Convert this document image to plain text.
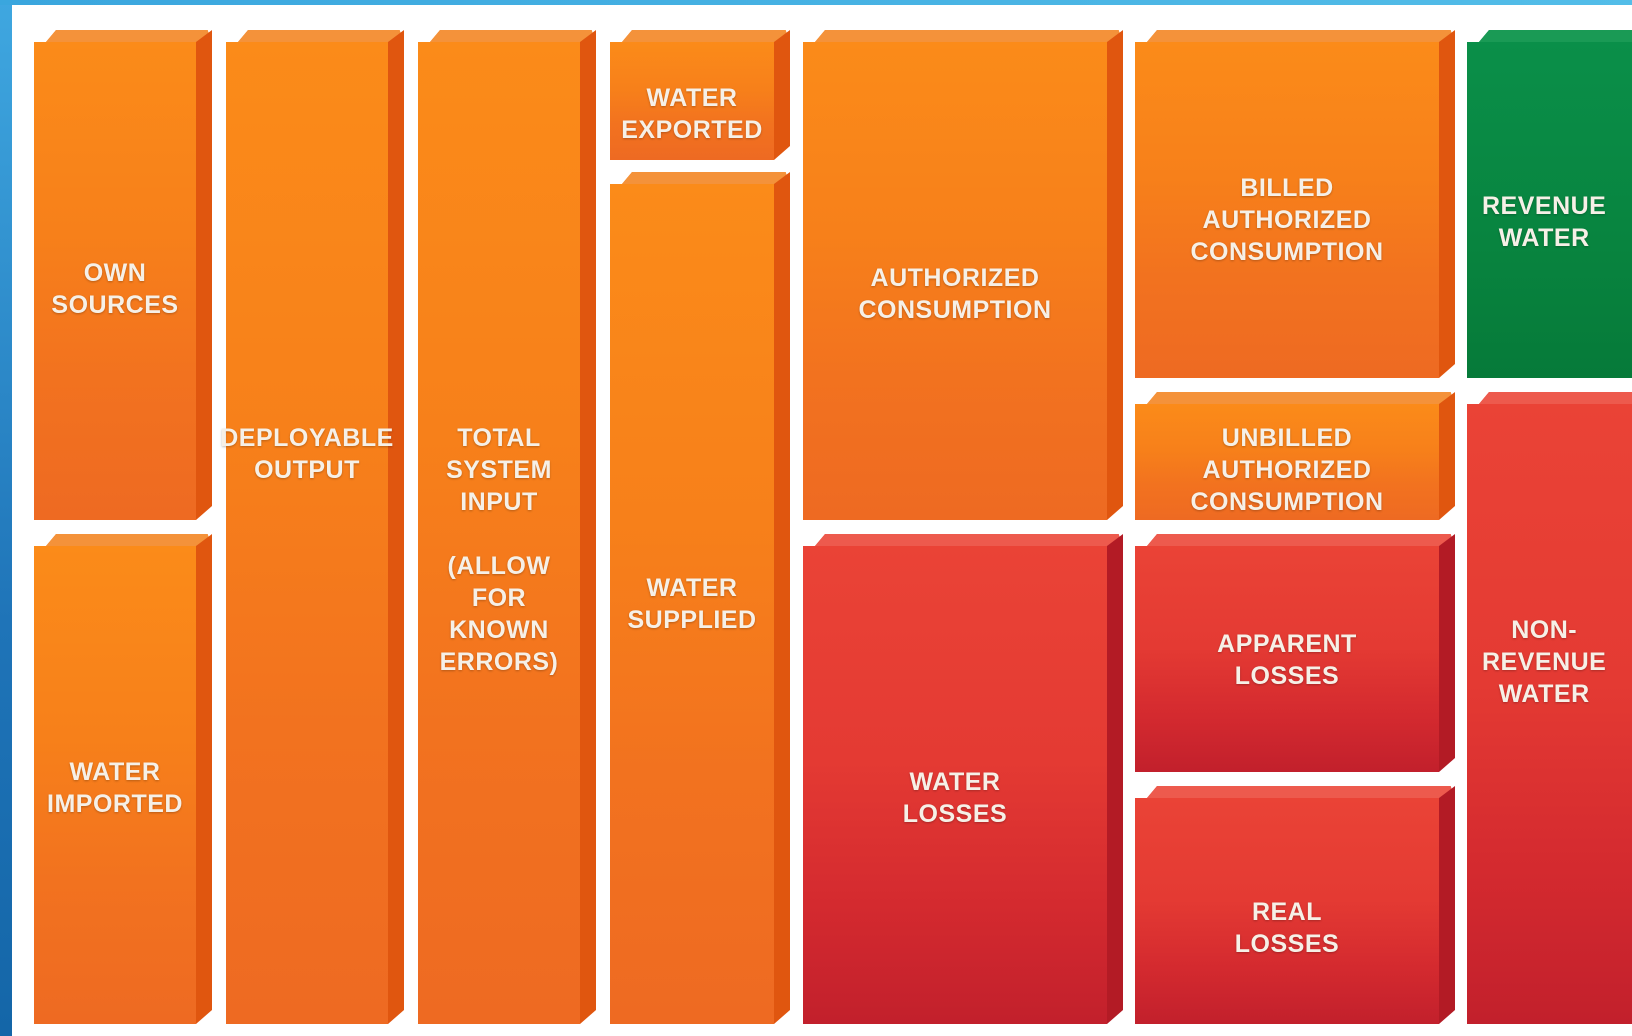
OWN
SOURCES
WATER
IMPORTED
DEPLOYABLE
OUTPUT
TOTAL
SYSTEM
INPUT

(ALLOW
FOR
KNOWN
ERRORS)
WATER
EXPORTED
WATER
SUPPLIED
AUTHORIZED
CONSUMPTION
WATER
LOSSES
BILLED
AUTHORIZED
CONSUMPTION
UNBILLED
AUTHORIZED
CONSUMPTION
APPARENT
LOSSES
REAL
LOSSES
REVENUE
WATER
NON-
REVENUE
WATER
